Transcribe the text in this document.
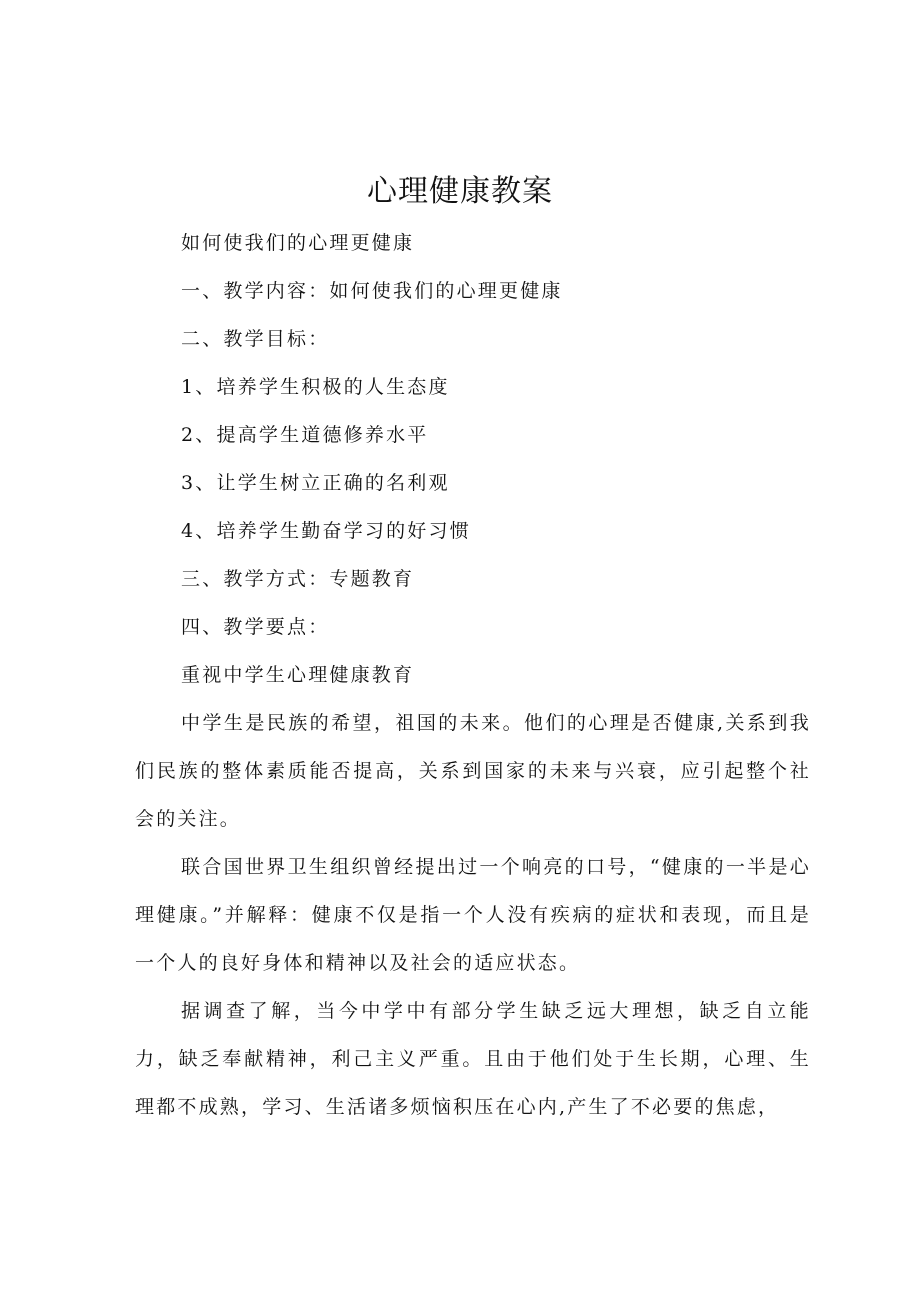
心理健康教案

如何使我们的心理更健康

一、教学内容：如何使我们的心理更健康

二、教学目标：

1、培养学生积极的人生态度

2、提高学生道德修养水平

3、让学生树立正确的名利观

4、培养学生勤奋学习的好习惯

三、教学方式：专题教育

四、教学要点：

重视中学生心理健康教育

中学生是民族的希望，祖国的未来。他们的心理是否健康,关系到我们民族的整体素质能否提高，关系到国家的未来与兴衰，应引起整个社会的关注。

联合国世界卫生组织曾经提出过一个响亮的口号，“健康的一半是心理健康。”并解释：健康不仅是指一个人没有疾病的症状和表现，而且是一个人的良好身体和精神以及社会的适应状态。

据调查了解，当今中学中有部分学生缺乏远大理想，缺乏自立能力，缺乏奉献精神，利己主义严重。且由于他们处于生长期，心理、生理都不成熟，学习、生活诸多烦恼积压在心内,产生了不必要的焦虑，
